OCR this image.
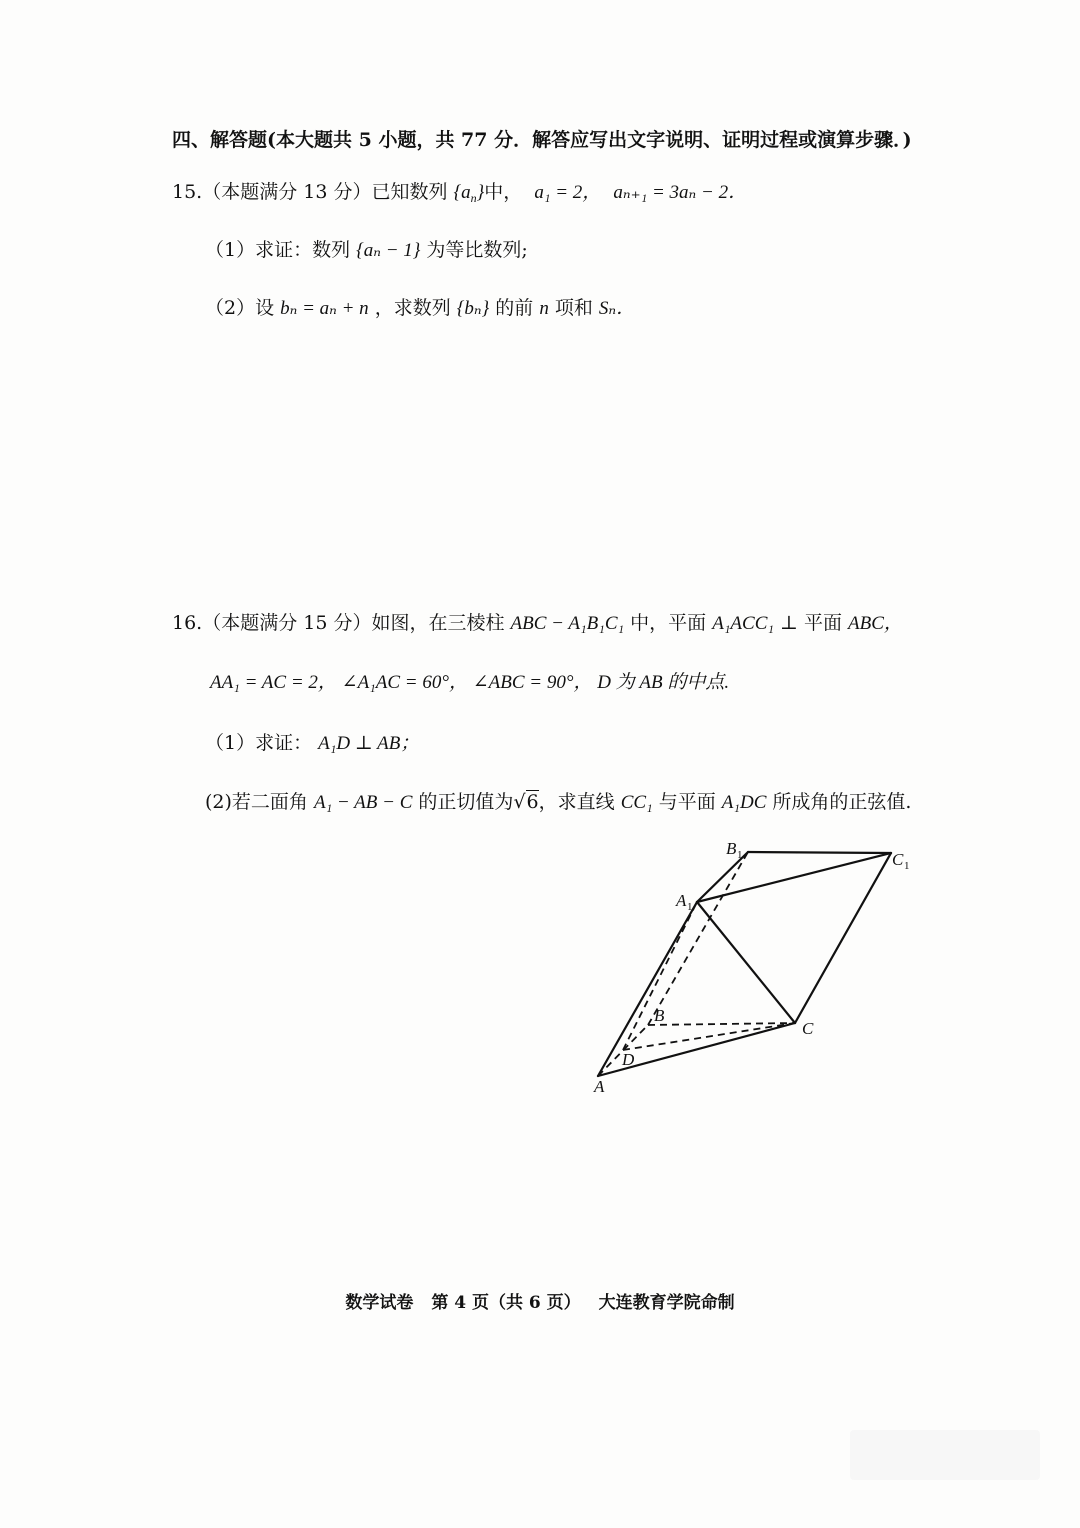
四、解答题(本大题共 5 小题，共 77 分．解答应写出文字说明、证明过程或演算步骤．)
15.（本题满分 13 分）已知数列 $\{a_n\}$中， a₁ = 2， aₙ₊₁ = 3aₙ − 2．
（1）求证：数列 {aₙ − 1} 为等比数列;
（2）设 bₙ = aₙ + n ，求数列 {bₙ} 的前 n 项和 Sₙ．
16.（本题满分 15 分）如图，在三棱柱 ABC − A₁B₁C₁ 中，平面 A₁ACC₁ ⊥ 平面 ABC，
AA₁ = AC = 2， ∠A₁AC = 60°， ∠ABC = 90°， D 为 AB 的中点.
（1）求证： A₁D ⊥ AB；
(2)若二面角 A₁ − AB − C 的正切值为√6，求直线 CC₁ 与平面 A₁DC 所成角的正弦值.
A
B
C
D
A 1
B 1	C 1
数学试卷 第 4 页（共 6 页） 大连教育学院命制
